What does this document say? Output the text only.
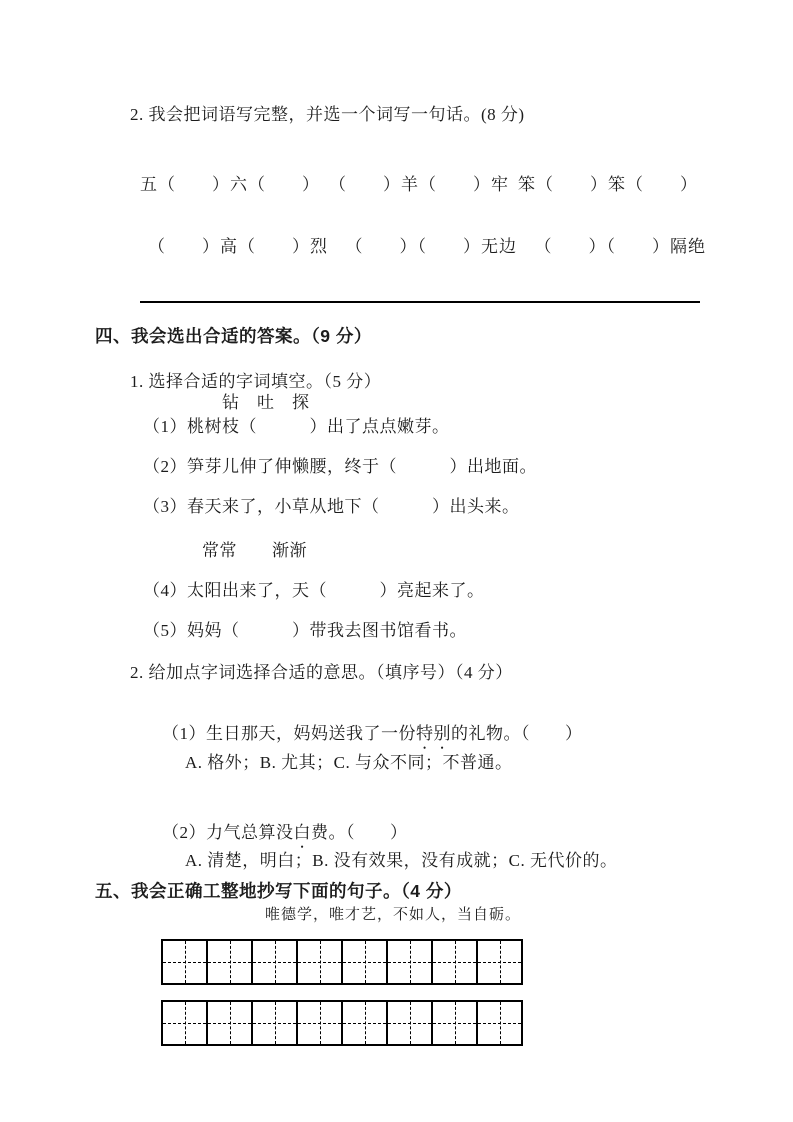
2. 我会把词语写完整，并选一个词写一句话。(8 分)
五（　　）六（　　） （　　）羊（　　）牢 笨（　　）笨（　　）
（　　）高（　　）烈 （　　）（　　）无边 （　　）（　　）隔绝
四、我会选出合适的答案。（9 分）
1. 选择合适的字词填空。（5 分）
钻　吐　探
（1）桃树枝（　　　）出了点点嫩芽。
（2）笋芽儿伸了伸懒腰，终于（　　　）出地面。
（3）春天来了，小草从地下（　　　）出头来。
常常　　渐渐
（4）太阳出来了，天（　　　）亮起来了。
（5）妈妈（　　　）带我去图书馆看书。
2. 给加点字词选择合适的意思。（填序号）（4 分）

（1）生日那天，妈妈送我了一份特别的礼物。（　　）

A. 格外；B. 尤其；C. 与众不同；不普通。

（2）力气总算没白费。（　　）

A. 清楚，明白；B. 没有效果，没有成就；C. 无代价的。
五、我会正确工整地抄写下面的句子。（4 分）
唯德学，唯才艺，不如人，当自砺。
